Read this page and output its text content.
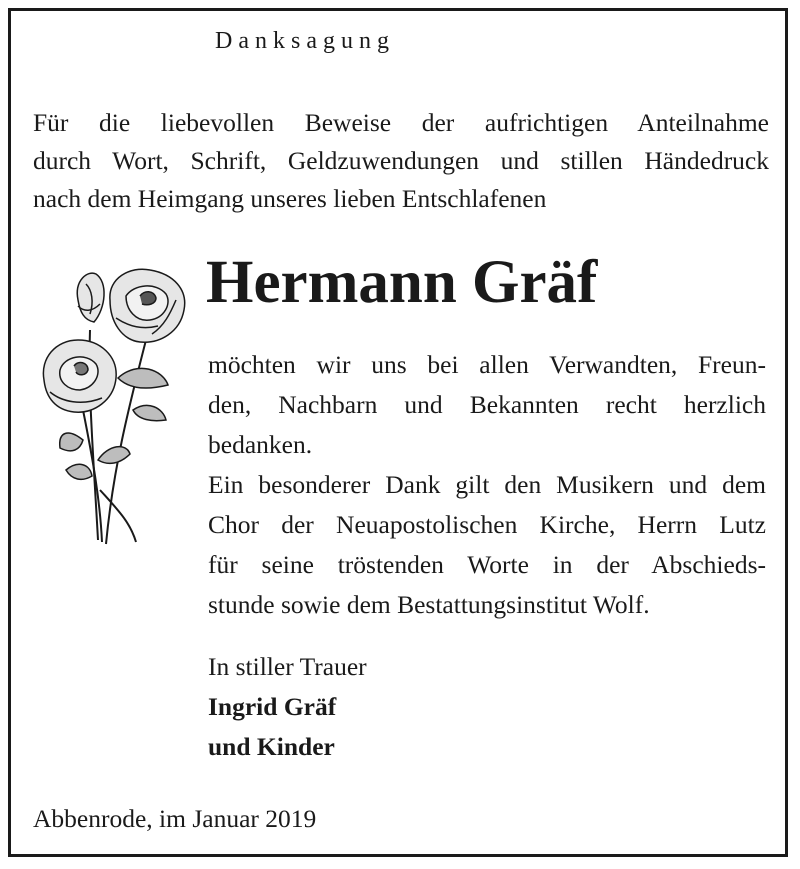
Danksagung
Für die liebevollen Beweise der aufrichtigen Anteilnahme
durch Wort, Schrift, Geldzuwendungen und stillen Händedruck
nach dem Heimgang unseres lieben Entschlafenen
Hermann Gräf
möchten wir uns bei allen Verwandten, Freun-
den, Nachbarn und Bekannten recht herzlich
bedanken.
Ein besonderer Dank gilt den Musikern und dem
Chor der Neuapostolischen Kirche, Herrn Lutz
für seine tröstenden Worte in der Abschieds-
stunde sowie dem Bestattungsinstitut Wolf.
In stiller Trauer
Ingrid Gräf
und Kinder
Abbenrode, im Januar 2019
